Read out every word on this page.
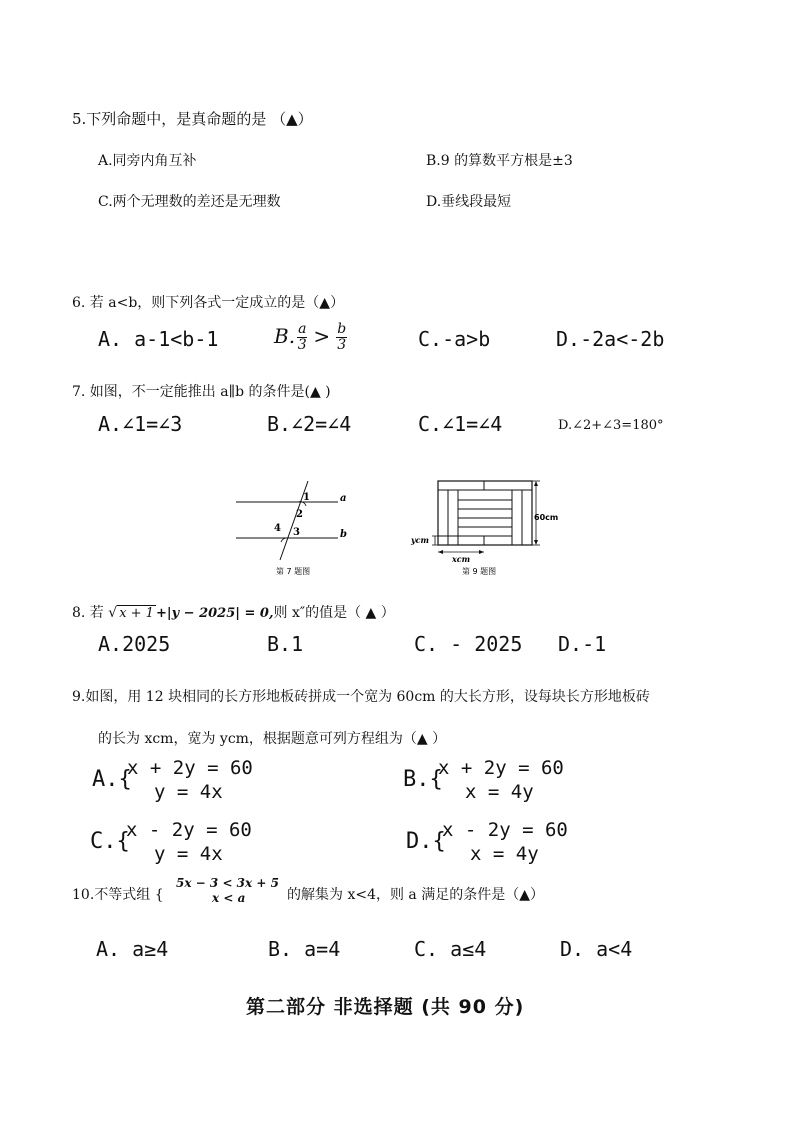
5.下列命题中，是真命题的是 （▲）
A.同旁内角互补	B.9 的算数平方根是±3
C.两个无理数的差还是无理数	D.垂线段最短
6. 若 a<b，则下列各式一定成立的是（▲）
A. a-1<b-1	B. $\frac{a}{3} > \frac{b}{3}$	C.-a>b	D.-2a<-2b
7. 如图，不一定能推出 a∥b 的条件是(▲ )
A.∠1=∠3	B.∠2=∠4	C.∠1=∠4	D.∠2+∠3=180°
1
2
3
4
a
b
第 7 题图
60cm
xcm
ycm
第 9 题图
8. 若 √ x + 1 +|y − 2025| = 0,则 x″的值是（ ▲ ）
A.2025	B.1	C. - 2025 D.-1
9.如图，用 12 块相同的长方形地板砖拼成一个宽为 60cm 的大长方形，设每块长方形地板砖
的长为 xcm，宽为 ycm，根据题意可列方程组为（▲ ）
A.{
x + 2y = 60
y = 4x	B.{
x + 2y = 60
x = 4y
C.{
x - 2y = 60
y = 4x	D.{
x - 2y = 60
x = 4y
10.不等式组 {
5x − 3 < 3x + 5
x < a	的解集为 x<4，则 a 满足的条件是（▲）
A. a≥4	B. a=4	C. a≤4	D. a<4
第二部分 非选择题 (共 90 分)
